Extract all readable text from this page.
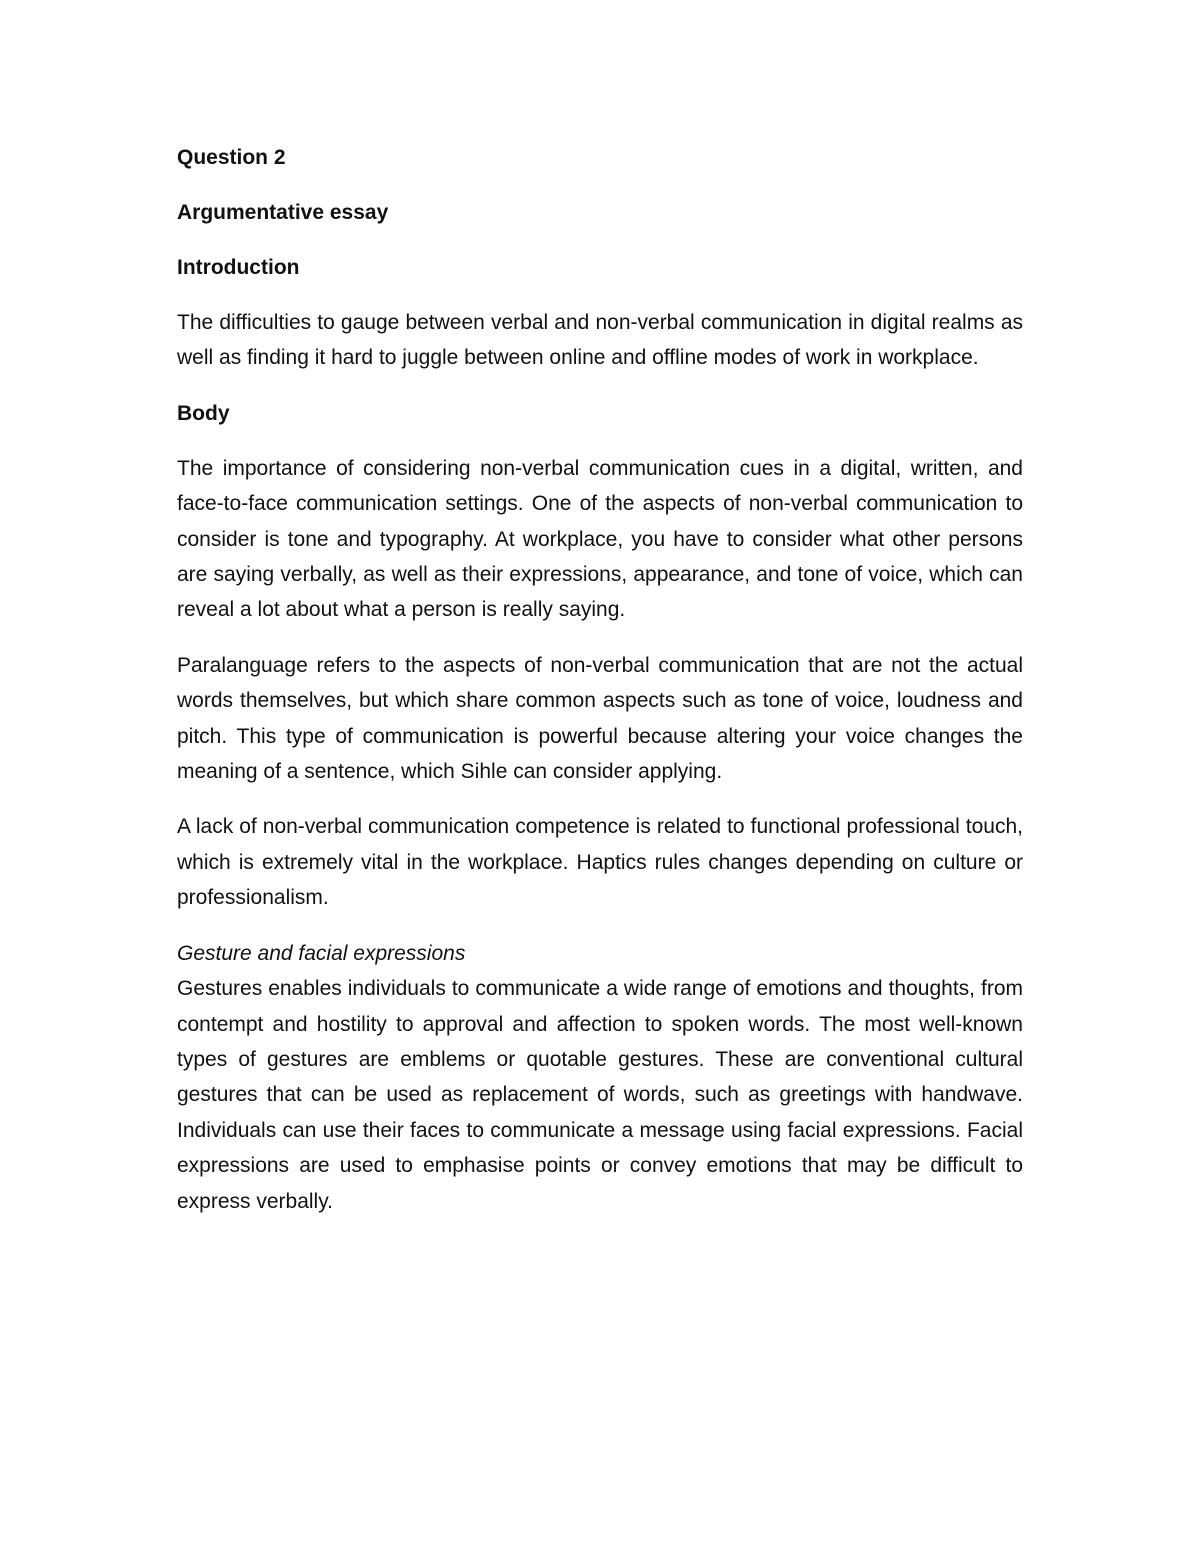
Question 2
Argumentative essay
Introduction
The difficulties to gauge between verbal and non-verbal communication in digital realms as well as finding it hard to juggle between online and offline modes of work in workplace.
Body
The importance of considering non-verbal communication cues in a digital, written, and face-to-face communication settings. One of the aspects of non-verbal communication to consider is tone and typography. At workplace, you have to consider what other persons are saying verbally, as well as their expressions, appearance, and tone of voice, which can reveal a lot about what a person is really saying.
Paralanguage refers to the aspects of non-verbal communication that are not the actual words themselves, but which share common aspects such as tone of voice, loudness and pitch. This type of communication is powerful because altering your voice changes the meaning of a sentence, which Sihle can consider applying.
A lack of non-verbal communication competence is related to functional professional touch, which is extremely vital in the workplace. Haptics rules changes depending on culture or professionalism.
Gesture and facial expressions
Gestures enables individuals to communicate a wide range of emotions and thoughts, from contempt and hostility to approval and affection to spoken words. The most well-known types of gestures are emblems or quotable gestures. These are conventional cultural gestures that can be used as replacement of words, such as greetings with handwave. Individuals can use their faces to communicate a message using facial expressions. Facial expressions are used to emphasise points or convey emotions that may be difficult to express verbally.
